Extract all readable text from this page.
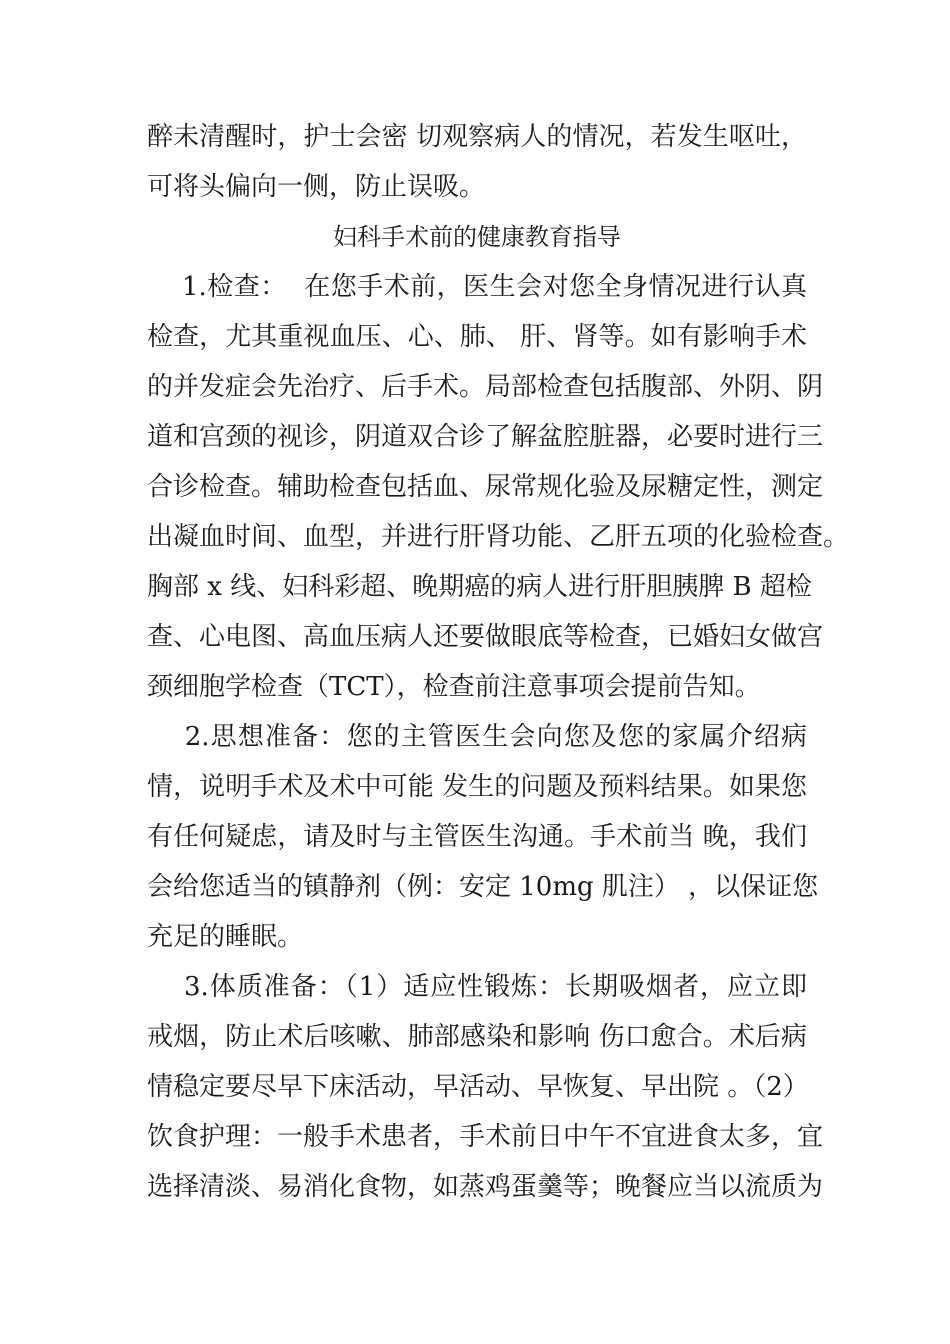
醉未清醒时，护士会密 切观察病人的情况，若发生呕吐，
可将头偏向一侧，防止误吸。
妇科手术前的健康教育指导
1.检查：  在您手术前，医生会对您全身情况进行认真
检查，尤其重视血压、心、肺、 肝、肾等。如有影响手术
的并发症会先治疗、后手术。局部检查包括腹部、外阴、阴
道和宫颈的视诊，阴道双合诊了解盆腔脏器，必要时进行三
合诊检查。辅助检查包括血、尿常规化验及尿糖定性，测定
出凝血时间、血型，并进行肝肾功能、乙肝五项的化验检查。
胸部 x 线、妇科彩超、晚期癌的病人进行肝胆胰脾 B 超检
查、心电图、高血压病人还要做眼底等检查，已婚妇女做宫
颈细胞学检查（TCT），检查前注意事项会提前告知。
2.思想准备：您的主管医生会向您及您的家属介绍病
情，说明手术及术中可能 发生的问题及预料结果。如果您
有任何疑虑，请及时与主管医生沟通。手术前当 晚，我们
会给您适当的镇静剂（例：安定 10mg 肌注） ，以保证您
充足的睡眠。
3.体质准备：（1）适应性锻炼：长期吸烟者，应立即
戒烟，防止术后咳嗽、肺部感染和影响 伤口愈合。术后病
情稳定要尽早下床活动，早活动、早恢复、早出院 。（2）
饮食护理：一般手术患者，手术前日中午不宜进食太多，宜
选择清淡、易消化食物，如蒸鸡蛋羹等；晚餐应当以流质为
